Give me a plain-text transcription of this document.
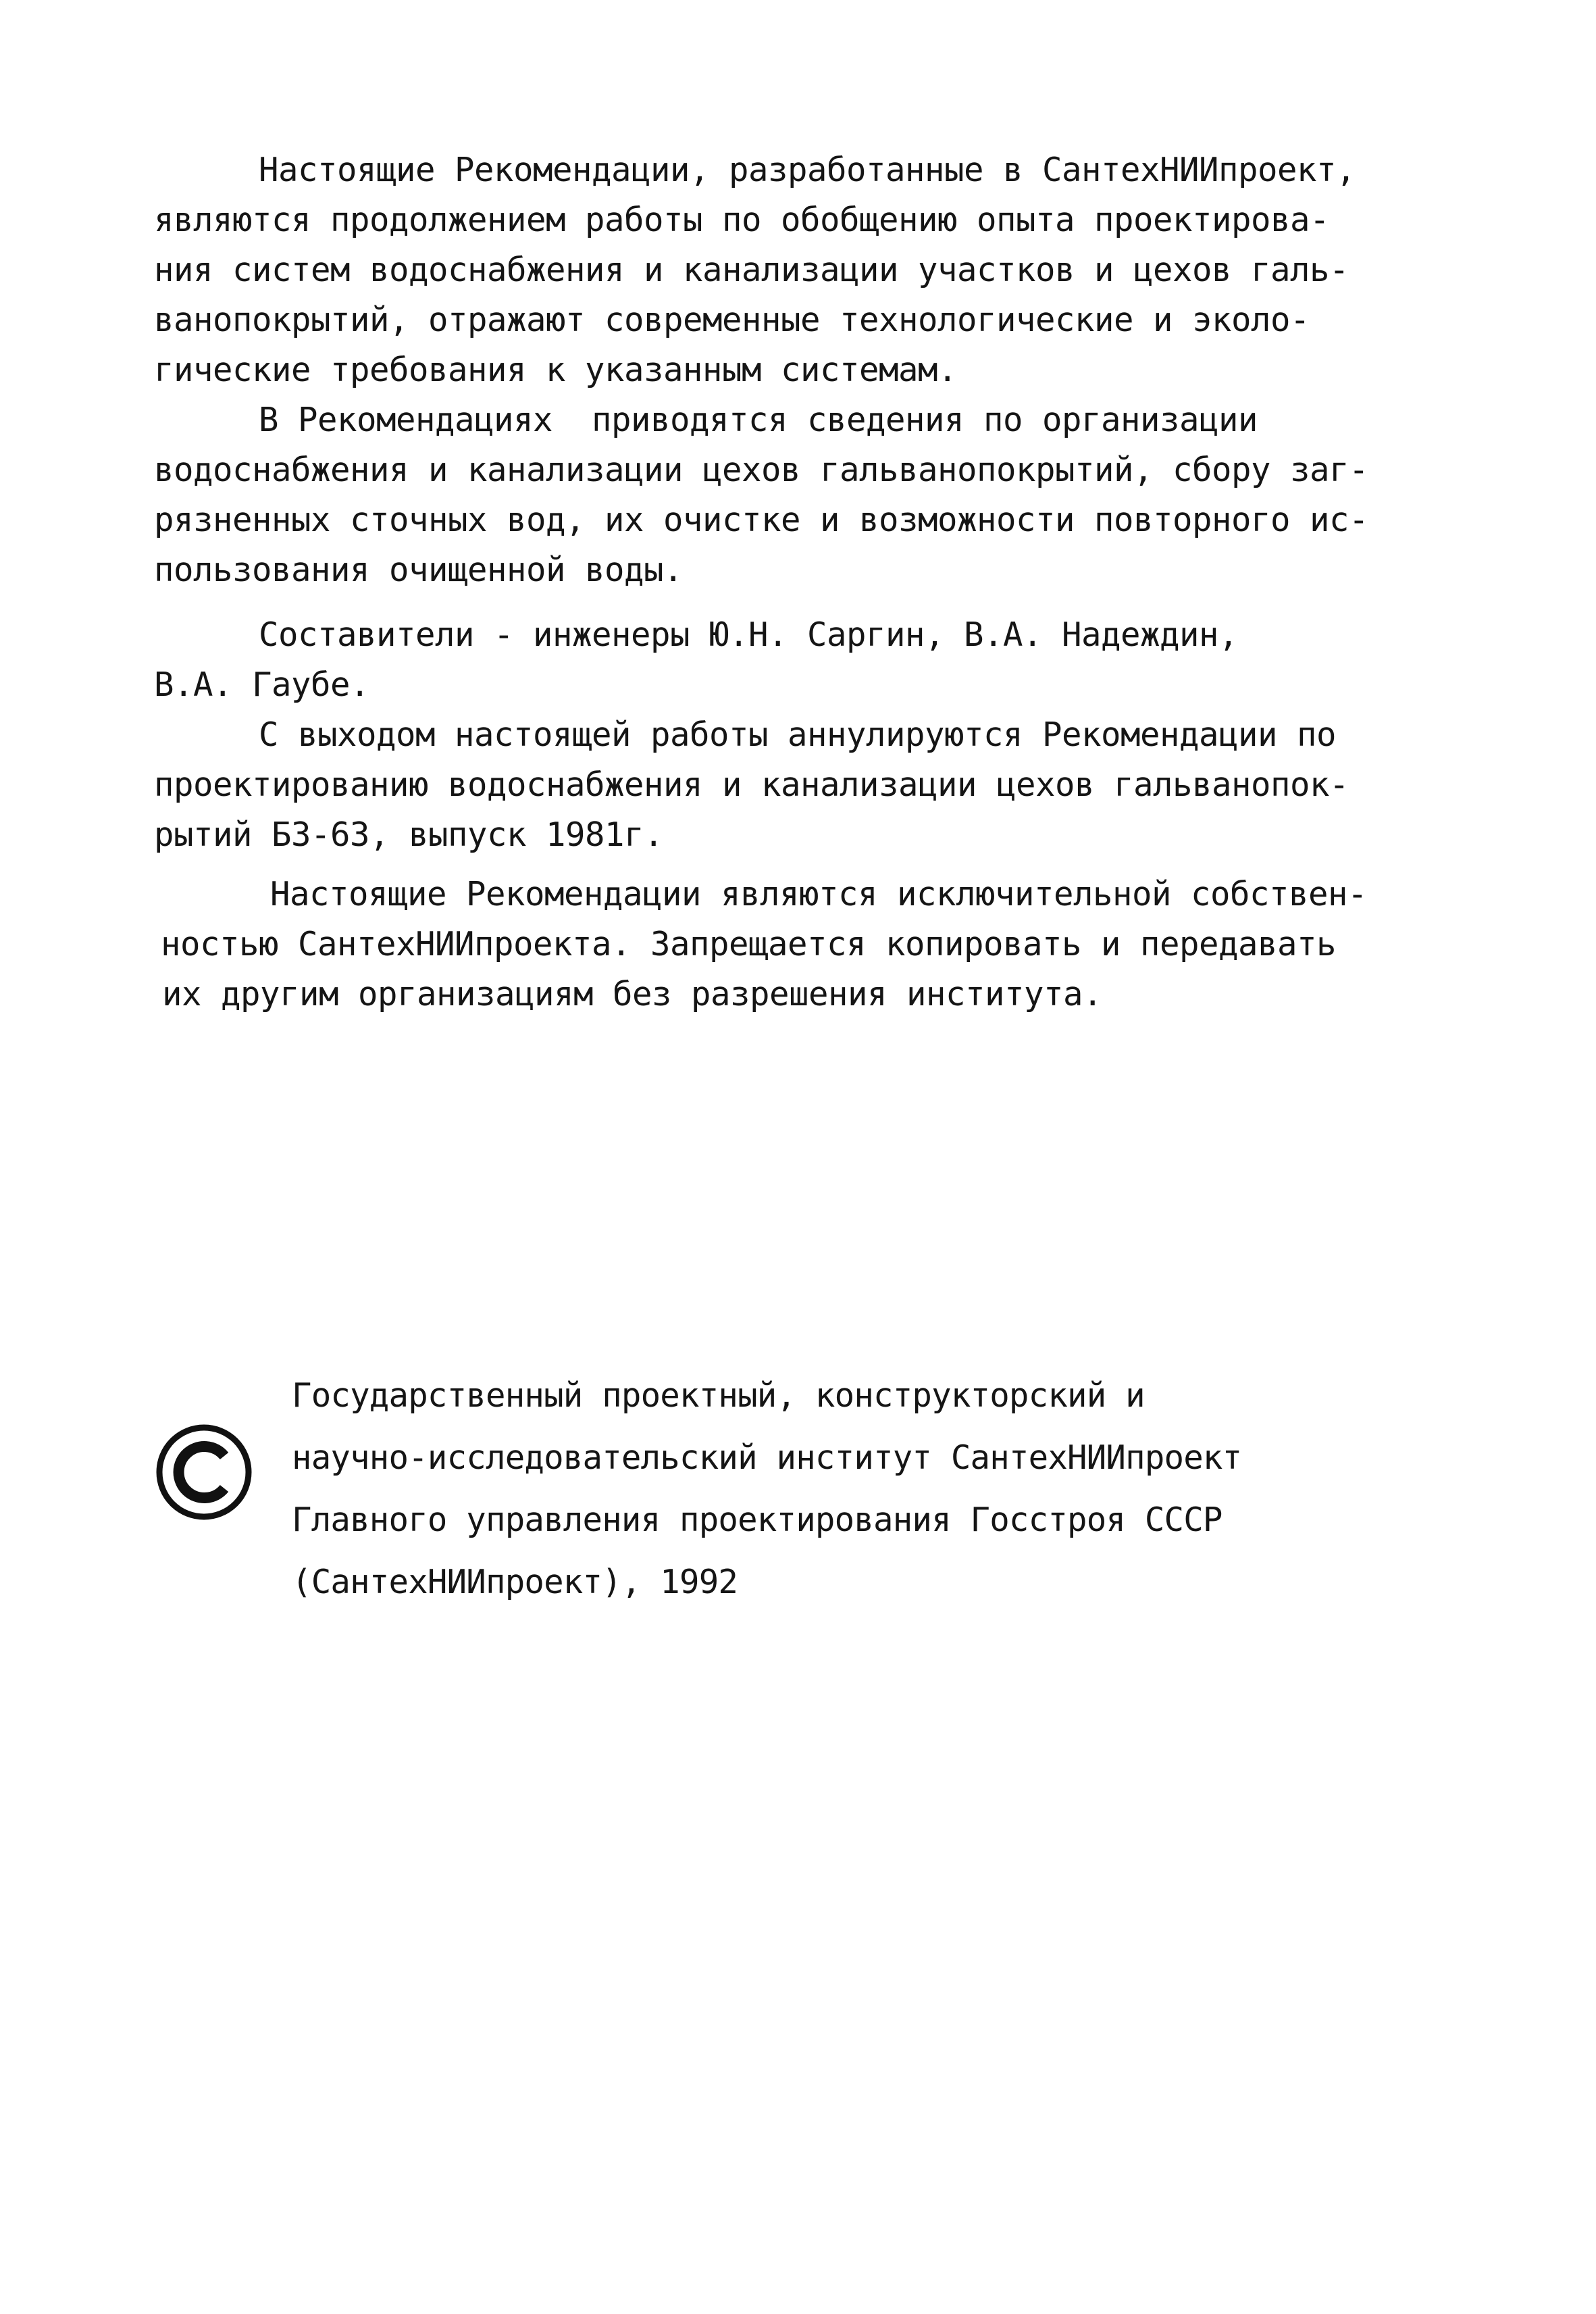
Настоящие Рекомендации, разработанные в СантехНИИпроект,
являются продолжением работы по обобщению опыта проектирова-
ния систем водоснабжения и канализации участков и цехов галь-
ванопокрытий, отражают современные технологические и эколо-
гические требования к указанным системам.
В Рекомендациях  приводятся сведения по организации
водоснабжения и канализации цехов гальванопокрытий, сбору заг-
рязненных сточных вод, их очистке и возможности повторного ис-
пользования очищенной воды.
Составители - инженеры Ю.Н. Саргин, В.А. Надеждин,
В.А. Гаубе.
С выходом настоящей работы аннулируются Рекомендации по
проектированию водоснабжения и канализации цехов гальванопок-
рытий БЗ-63, выпуск 1981г.
Настоящие Рекомендации являются исключительной собствен-
ностью СантехНИИпроекта. Запрещается копировать и передавать
их другим организациям без разрешения института.
Государственный проектный, конструкторский и
научно-исследовательский институт СантехНИИпроект
Главного управления проектирования Госстроя СССР
(СантехНИИпроект), 1992
